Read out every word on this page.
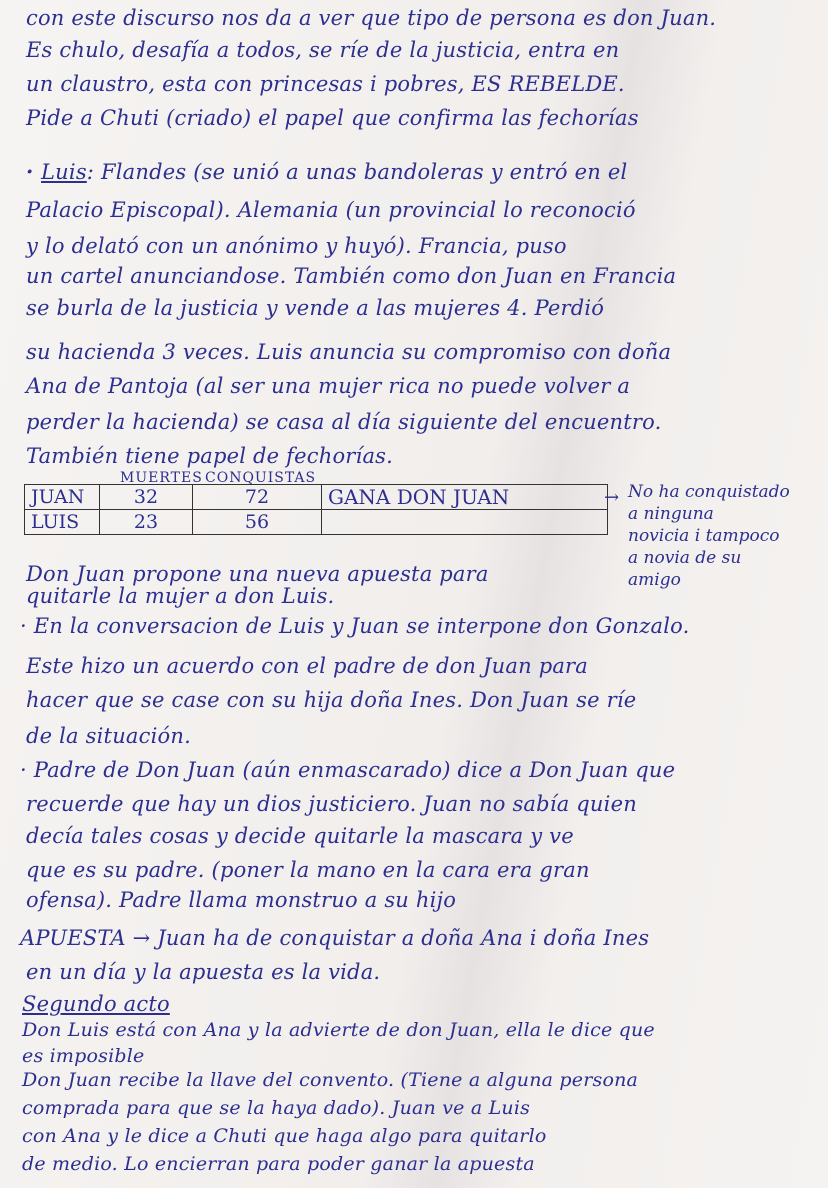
con este discurso nos da a ver que tipo de persona es don Juan.
Es chulo, desafía a todos, se ríe de la justicia, entra en
un claustro, esta con princesas i pobres, ES REBELDE.
Pide a Chuti (criado) el papel que confirma las fechorías
· Luis: Flandes (se unió a unas bandoleras y entró en el
Palacio Episcopal). Alemania (un provincial lo reconoció
y lo delató con un anónimo y huyó). Francia, puso
un cartel anunciandose. También como don Juan en Francia
se burla de la justicia y vende a las mujeres 4. Perdió
su hacienda 3 veces. Luis anuncia su compromiso con doña
Ana de Pantoja (al ser una mujer rica no puede volver a
perder la hacienda) se casa al día siguiente del encuentro.
También tiene papel de fechorías.
MUERTES CONQUISTAS
JUAN	32	72	GANA DON JUAN
LUIS	23	56	
→ No ha conquistado
a ninguna
novicia i tampoco
a novia de su
amigo
Don Juan propone una nueva apuesta para
quitarle la mujer a don Luis.
· En la conversacion de Luis y Juan se interpone don Gonzalo.
Este hizo un acuerdo con el padre de don Juan para
hacer que se case con su hija doña Ines. Don Juan se ríe
de la situación.
· Padre de Don Juan (aún enmascarado) dice a Don Juan que
recuerde que hay un dios justiciero. Juan no sabía quien
decía tales cosas y decide quitarle la mascara y ve
que es su padre. (poner la mano en la cara era gran
ofensa). Padre llama monstruo a su hijo
APUESTA → Juan ha de conquistar a doña Ana i doña Ines
en un día y la apuesta es la vida.
Segundo acto
Don Luis está con Ana y la advierte de don Juan, ella le dice que
es imposible
Don Juan recibe la llave del convento. (Tiene a alguna persona
comprada para que se la haya dado). Juan ve a Luis
con Ana y le dice a Chuti que haga algo para quitarlo
de medio. Lo encierran para poder ganar la apuesta
